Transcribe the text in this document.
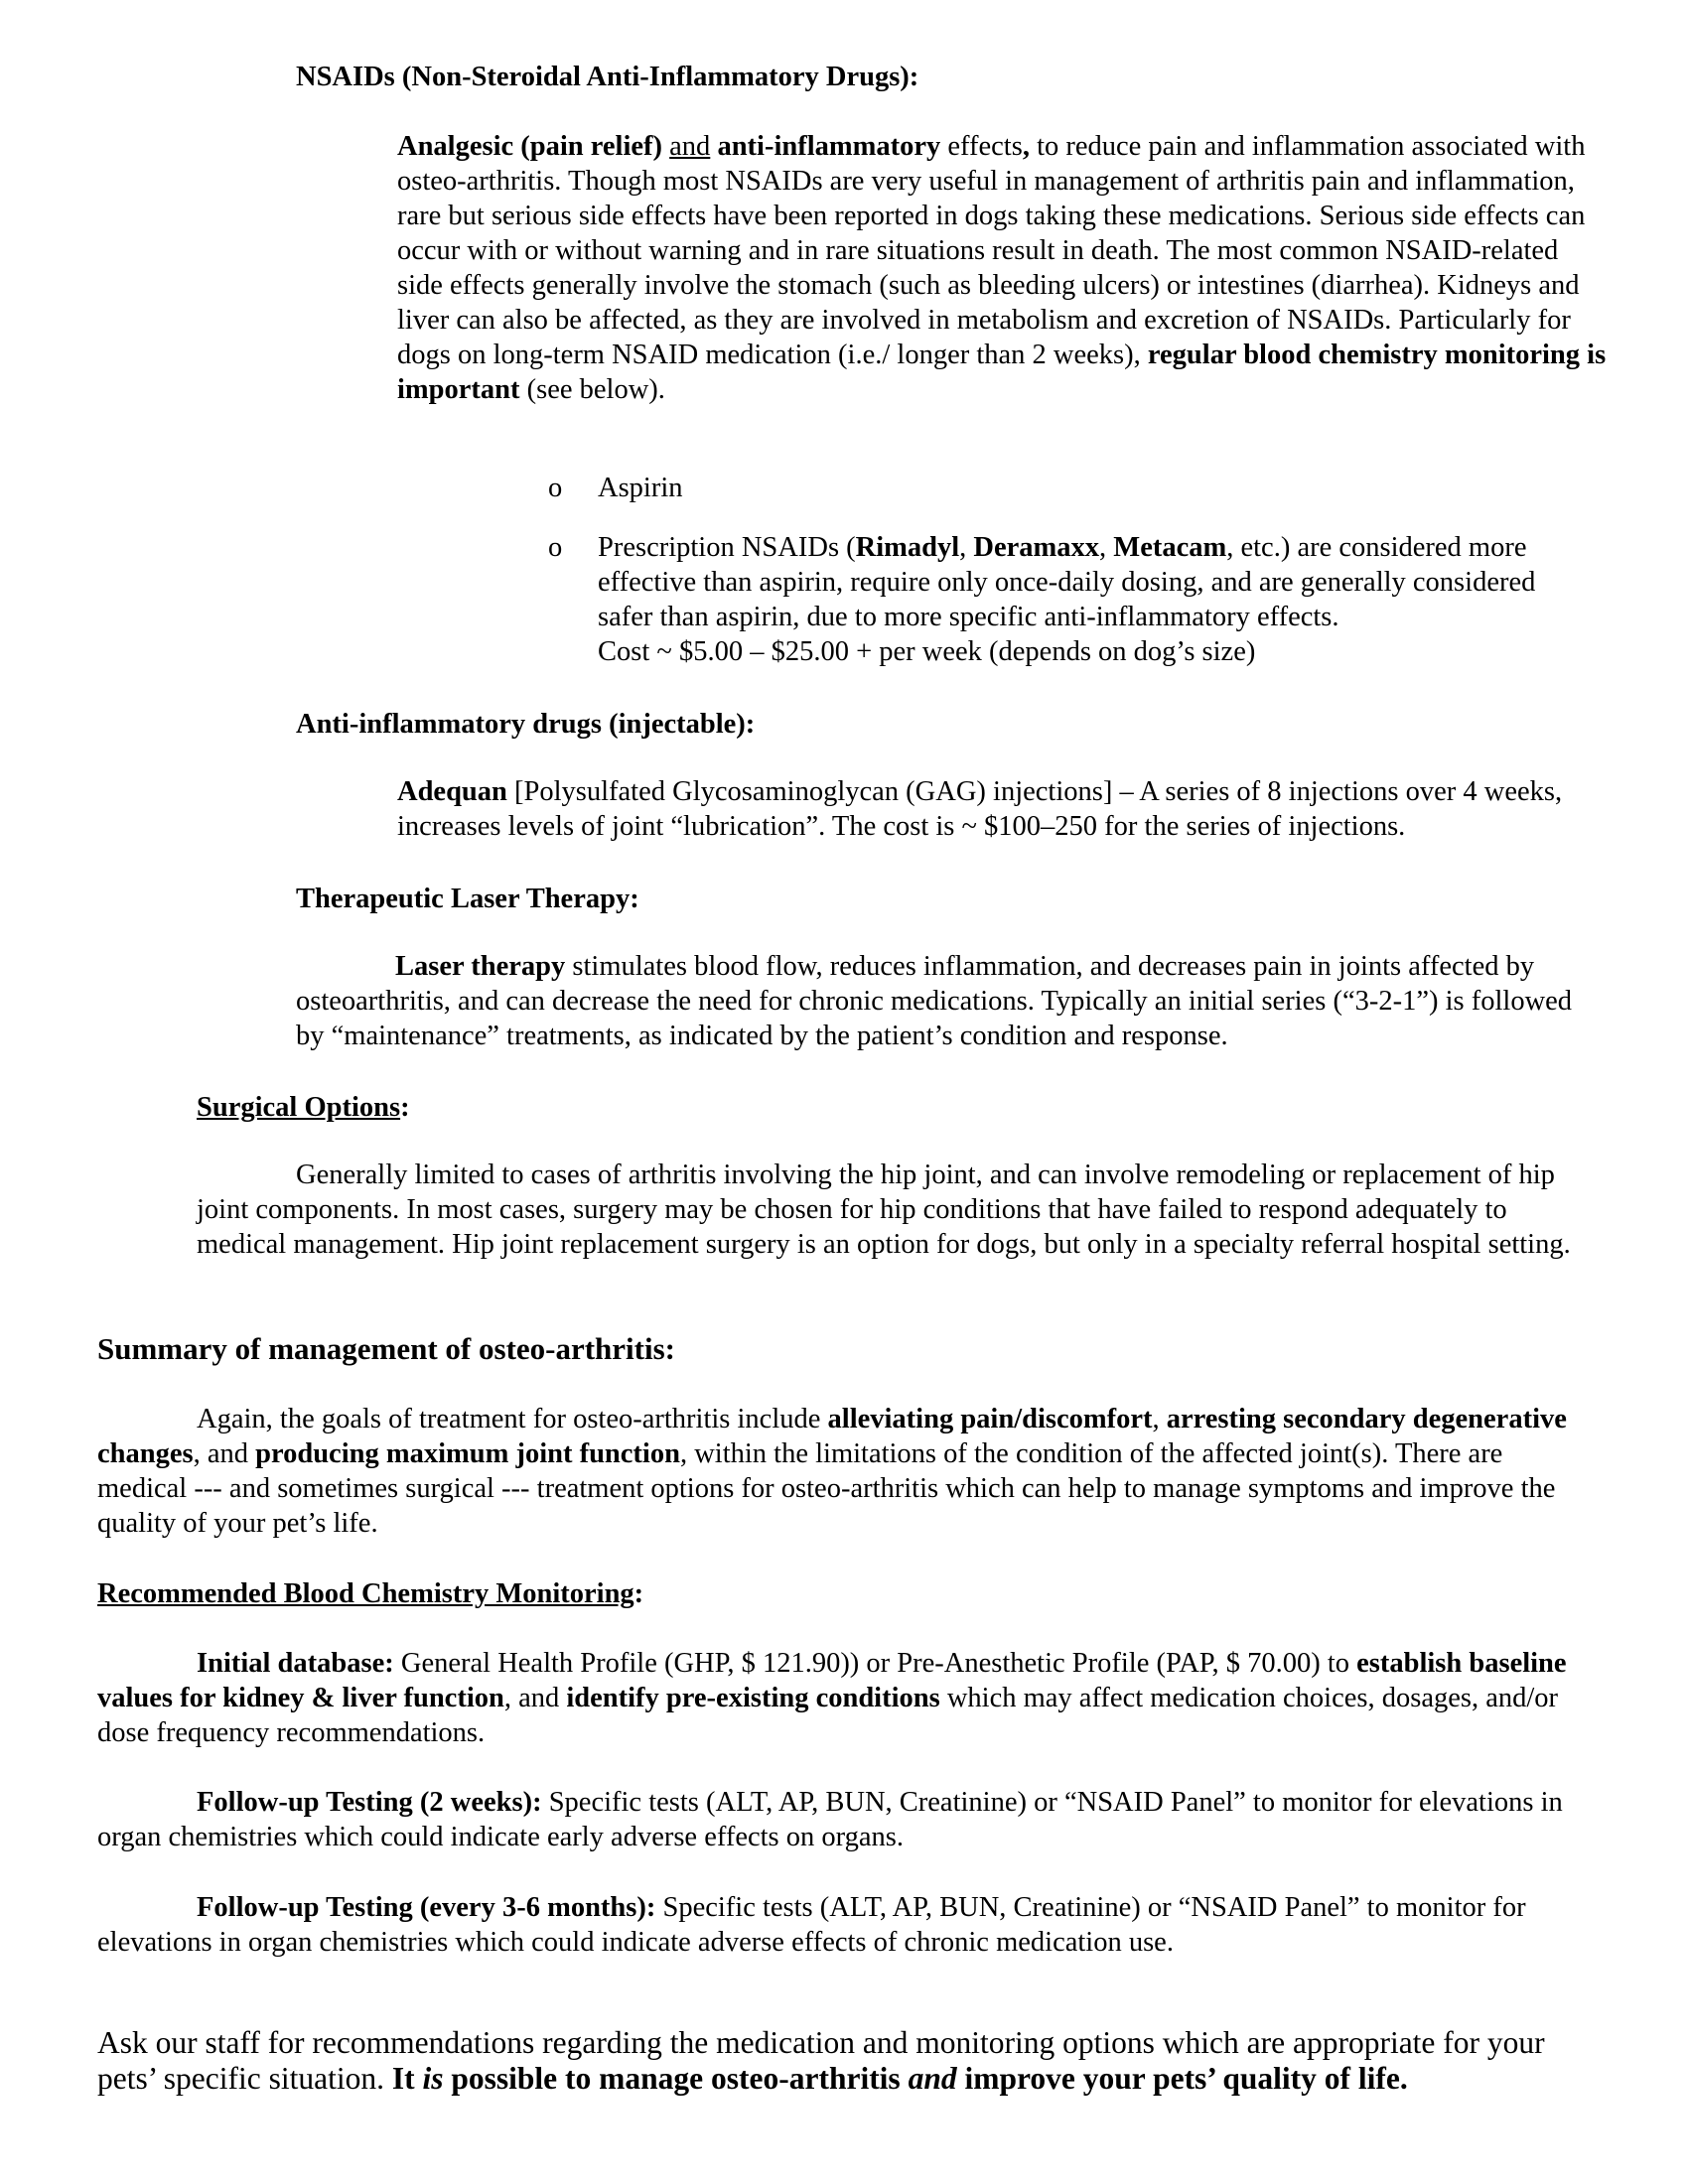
NSAIDs (Non-Steroidal Anti-Inflammatory Drugs):

Analgesic (pain relief) and anti-inflammatory effects, to reduce pain and inflammation associated with osteo-arthritis. Though most NSAIDs are very useful in management of arthritis pain and inflammation, rare but serious side effects have been reported in dogs taking these medications. Serious side effects can occur with or without warning and in rare situations result in death. The most common NSAID-related side effects generally involve the stomach (such as bleeding ulcers) or intestines (diarrhea). Kidneys and liver can also be affected, as they are involved in metabolism and excretion of NSAIDs. Particularly for dogs on long-term NSAID medication (i.e./ longer than 2 weeks), regular blood chemistry monitoring is important (see below).

o Aspirin

o Prescription NSAIDs (Rimadyl, Deramaxx, Metacam, etc.) are considered more effective than aspirin, require only once-daily dosing, and are generally considered safer than aspirin, due to more specific anti-inflammatory effects.
Cost ~ $5.00 – $25.00 + per week (depends on dog’s size)

Anti-inflammatory drugs (injectable):

Adequan [Polysulfated Glycosaminoglycan (GAG) injections] – A series of 8 injections over 4 weeks, increases levels of joint “lubrication”. The cost is ~ $100–250 for the series of injections.

Therapeutic Laser Therapy:

Laser therapy stimulates blood flow, reduces inflammation, and decreases pain in joints affected by osteoarthritis, and can decrease the need for chronic medications. Typically an initial series (“3-2-1”) is followed by “maintenance” treatments, as indicated by the patient’s condition and response.

Surgical Options:

Generally limited to cases of arthritis involving the hip joint, and can involve remodeling or replacement of hip joint components. In most cases, surgery may be chosen for hip conditions that have failed to respond adequately to medical management. Hip joint replacement surgery is an option for dogs, but only in a specialty referral hospital setting.

Summary of management of osteo-arthritis:

Again, the goals of treatment for osteo-arthritis include alleviating pain/discomfort, arresting secondary degenerative changes, and producing maximum joint function, within the limitations of the condition of the affected joint(s). There are medical --- and sometimes surgical --- treatment options for osteo-arthritis which can help to manage symptoms and improve the quality of your pet’s life.

Recommended Blood Chemistry Monitoring:

Initial database: General Health Profile (GHP, $ 121.90)) or Pre-Anesthetic Profile (PAP, $ 70.00) to establish baseline values for kidney & liver function, and identify pre-existing conditions which may affect medication choices, dosages, and/or dose frequency recommendations.

Follow-up Testing (2 weeks): Specific tests (ALT, AP, BUN, Creatinine) or “NSAID Panel” to monitor for elevations in organ chemistries which could indicate early adverse effects on organs.

Follow-up Testing (every 3-6 months): Specific tests (ALT, AP, BUN, Creatinine) or “NSAID Panel” to monitor for elevations in organ chemistries which could indicate adverse effects of chronic medication use.

Ask our staff for recommendations regarding the medication and monitoring options which are appropriate for your pets’ specific situation. It is possible to manage osteo-arthritis and improve your pets’ quality of life.
